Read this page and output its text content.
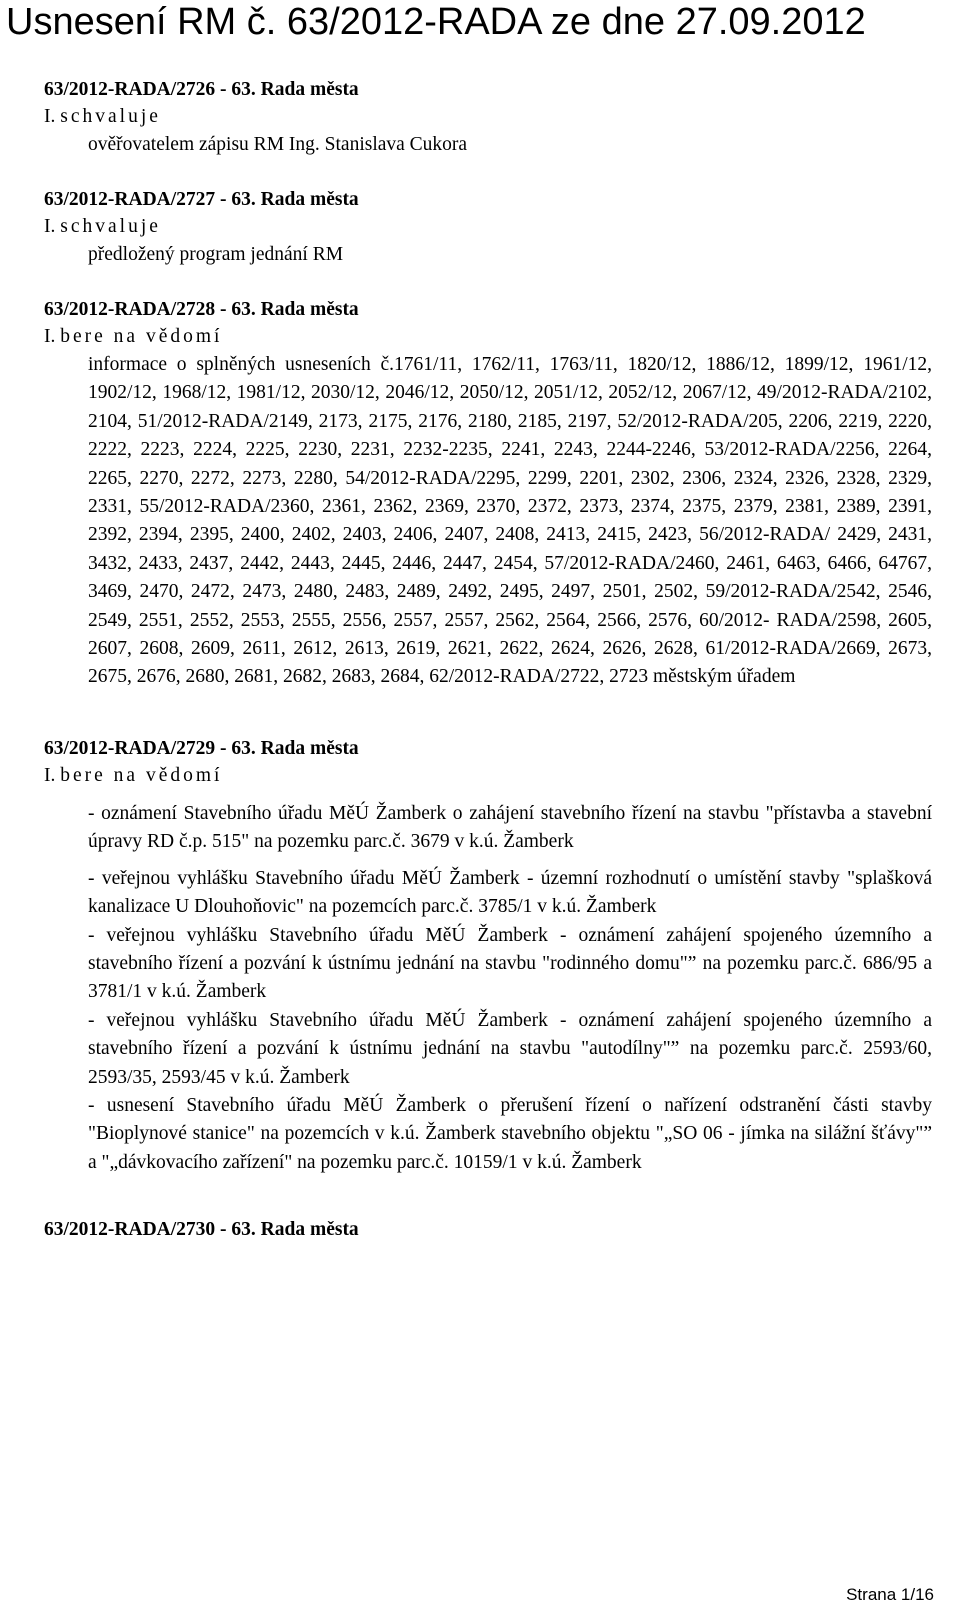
Usnesení RM č. 63/2012-RADA ze dne 27.09.2012

63/2012-RADA/2726 - 63. Rada města

I. schvaluje

ověřovatelem zápisu RM Ing. Stanislava Cukora

63/2012-RADA/2727 - 63. Rada města

I. schvaluje

předložený program jednání RM

63/2012-RADA/2728 - 63. Rada města

I. bere na vědomí

informace o splněných usneseních č.1761/11, 1762/11, 1763/11, 1820/12, 1886/12, 1899/12, 1961/12, 1902/12, 1968/12, 1981/12, 2030/12, 2046/12, 2050/12, 2051/12, 2052/12, 2067/12, 49/2012-RADA/2102, 2104, 51/2012-RADA/2149, 2173, 2175, 2176, 2180, 2185, 2197, 52/2012-RADA/205, 2206, 2219, 2220, 2222, 2223, 2224, 2225, 2230, 2231, 2232-2235, 2241, 2243, 2244-2246, 53/2012-RADA/2256, 2264, 2265, 2270, 2272, 2273, 2280, 54/2012-RADA/2295, 2299, 2201, 2302, 2306, 2324, 2326, 2328, 2329, 2331, 55/2012-RADA/2360, 2361, 2362, 2369, 2370, 2372, 2373, 2374, 2375, 2379, 2381, 2389, 2391, 2392, 2394, 2395, 2400, 2402, 2403, 2406, 2407, 2408, 2413, 2415, 2423, 56/2012-RADA/ 2429, 2431, 3432, 2433, 2437, 2442, 2443, 2445, 2446, 2447, 2454, 57/2012-RADA/2460, 2461, 6463, 6466, 64767, 3469, 2470, 2472, 2473, 2480, 2483, 2489, 2492, 2495, 2497, 2501, 2502, 59/2012-RADA/2542, 2546, 2549, 2551, 2552, 2553, 2555, 2556, 2557, 2557, 2562, 2564, 2566, 2576, 60/2012- RADA/2598, 2605, 2607, 2608, 2609, 2611, 2612, 2613, 2619, 2621, 2622, 2624, 2626, 2628, 61/2012-RADA/2669, 2673, 2675, 2676, 2680, 2681, 2682, 2683, 2684, 62/2012-RADA/2722, 2723 městským úřadem

63/2012-RADA/2729 - 63. Rada města

I. bere na vědomí

- oznámení Stavebního úřadu MěÚ Žamberk o zahájení stavebního řízení na stavbu "přístavba a stavební úpravy RD č.p. 515" na pozemku parc.č. 3679 v k.ú. Žamberk

- veřejnou vyhlášku Stavebního úřadu MěÚ Žamberk - územní rozhodnutí o umístění stavby "splašková kanalizace U Dlouhoňovic" na pozemcích parc.č. 3785/1 v k.ú. Žamberk

- veřejnou vyhlášku Stavebního úřadu MěÚ Žamberk - oznámení zahájení spojeného územního a stavebního řízení a pozvání k ústnímu jednání na stavbu "rodinného domu"” na pozemku parc.č. 686/95 a 3781/1 v k.ú. Žamberk

- veřejnou vyhlášku Stavebního úřadu MěÚ Žamberk - oznámení zahájení spojeného územního a stavebního řízení a pozvání k ústnímu jednání na stavbu "autodílny"” na pozemku parc.č. 2593/60, 2593/35, 2593/45 v k.ú. Žamberk

- usnesení Stavebního úřadu MěÚ Žamberk o přerušení řízení o nařízení odstranění části stavby "Bioplynové stanice" na pozemcích v k.ú. Žamberk stavebního objektu "„SO 06 - jímka na silážní šťávy"” a "„dávkovacího zařízení" na pozemku parc.č. 10159/1 v k.ú. Žamberk

63/2012-RADA/2730 - 63. Rada města

Strana 1/16
